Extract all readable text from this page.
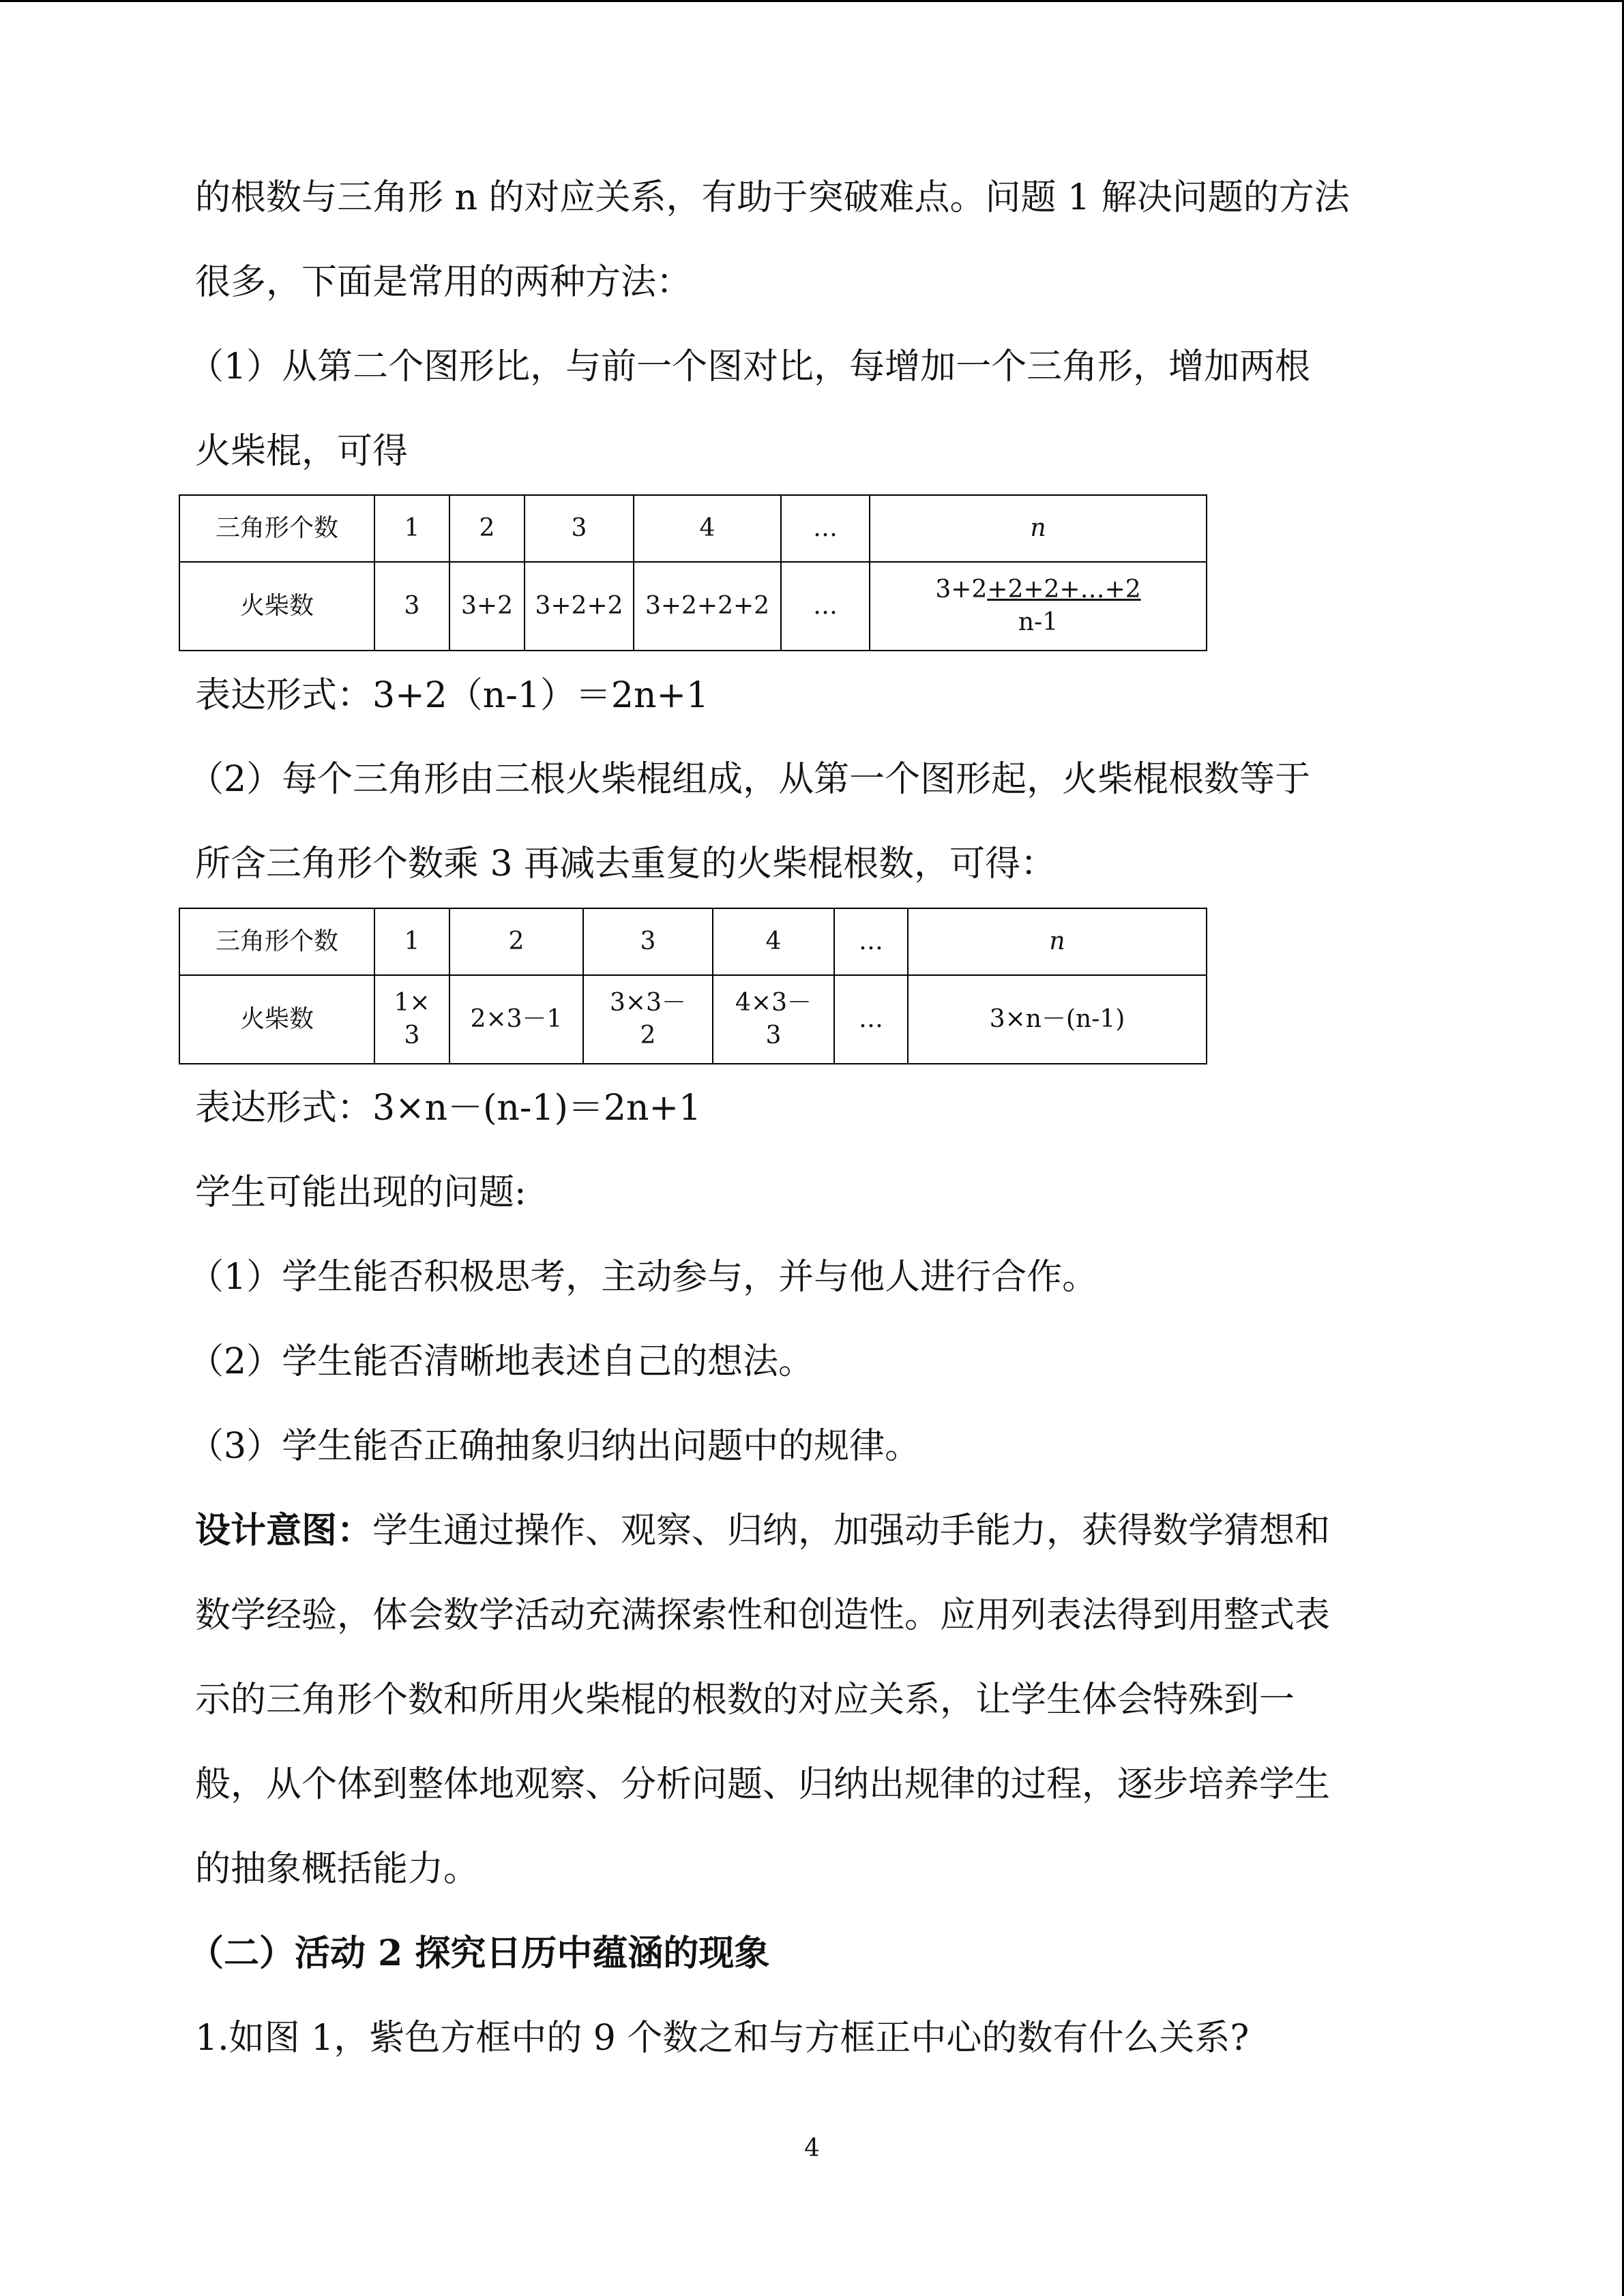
的根数与三角形 n 的对应关系，有助于突破难点。问题 1 解决问题的方法
很多，下面是常用的两种方法：
（1）从第二个图形比，与前一个图对比，每增加一个三角形，增加两根
火柴棍，可得
三角形个数	1	2	3	4	…	n
火柴数	3	3+2	3+2+2	3+2+2+2	…	3+2+2+2+…+2
n-1
表达形式：3+2（n-1）＝2n+1
（2）每个三角形由三根火柴棍组成，从第一个图形起，火柴棍根数等于
所含三角形个数乘 3 再减去重复的火柴棍根数，可得：
三角形个数	1	2	3	4	…	n
火柴数	1×
3	2×3－1	3×3－
2	4×3－
3	…	3×n－(n-1)
表达形式：3×n－(n-1)＝2n+1
学生可能出现的问题:
（1）学生能否积极思考，主动参与，并与他人进行合作。
（2）学生能否清晰地表述自己的想法。
（3）学生能否正确抽象归纳出问题中的规律。
设计意图：学生通过操作、观察、归纳，加强动手能力，获得数学猜想和
数学经验，体会数学活动充满探索性和创造性。应用列表法得到用整式表
示的三角形个数和所用火柴棍的根数的对应关系，让学生体会特殊到一
般，从个体到整体地观察、分析问题、归纳出规律的过程，逐步培养学生
的抽象概括能力。
（二）活动 2 探究日历中蕴涵的现象
1.如图 1，紫色方框中的 9 个数之和与方框正中心的数有什么关系?
4
